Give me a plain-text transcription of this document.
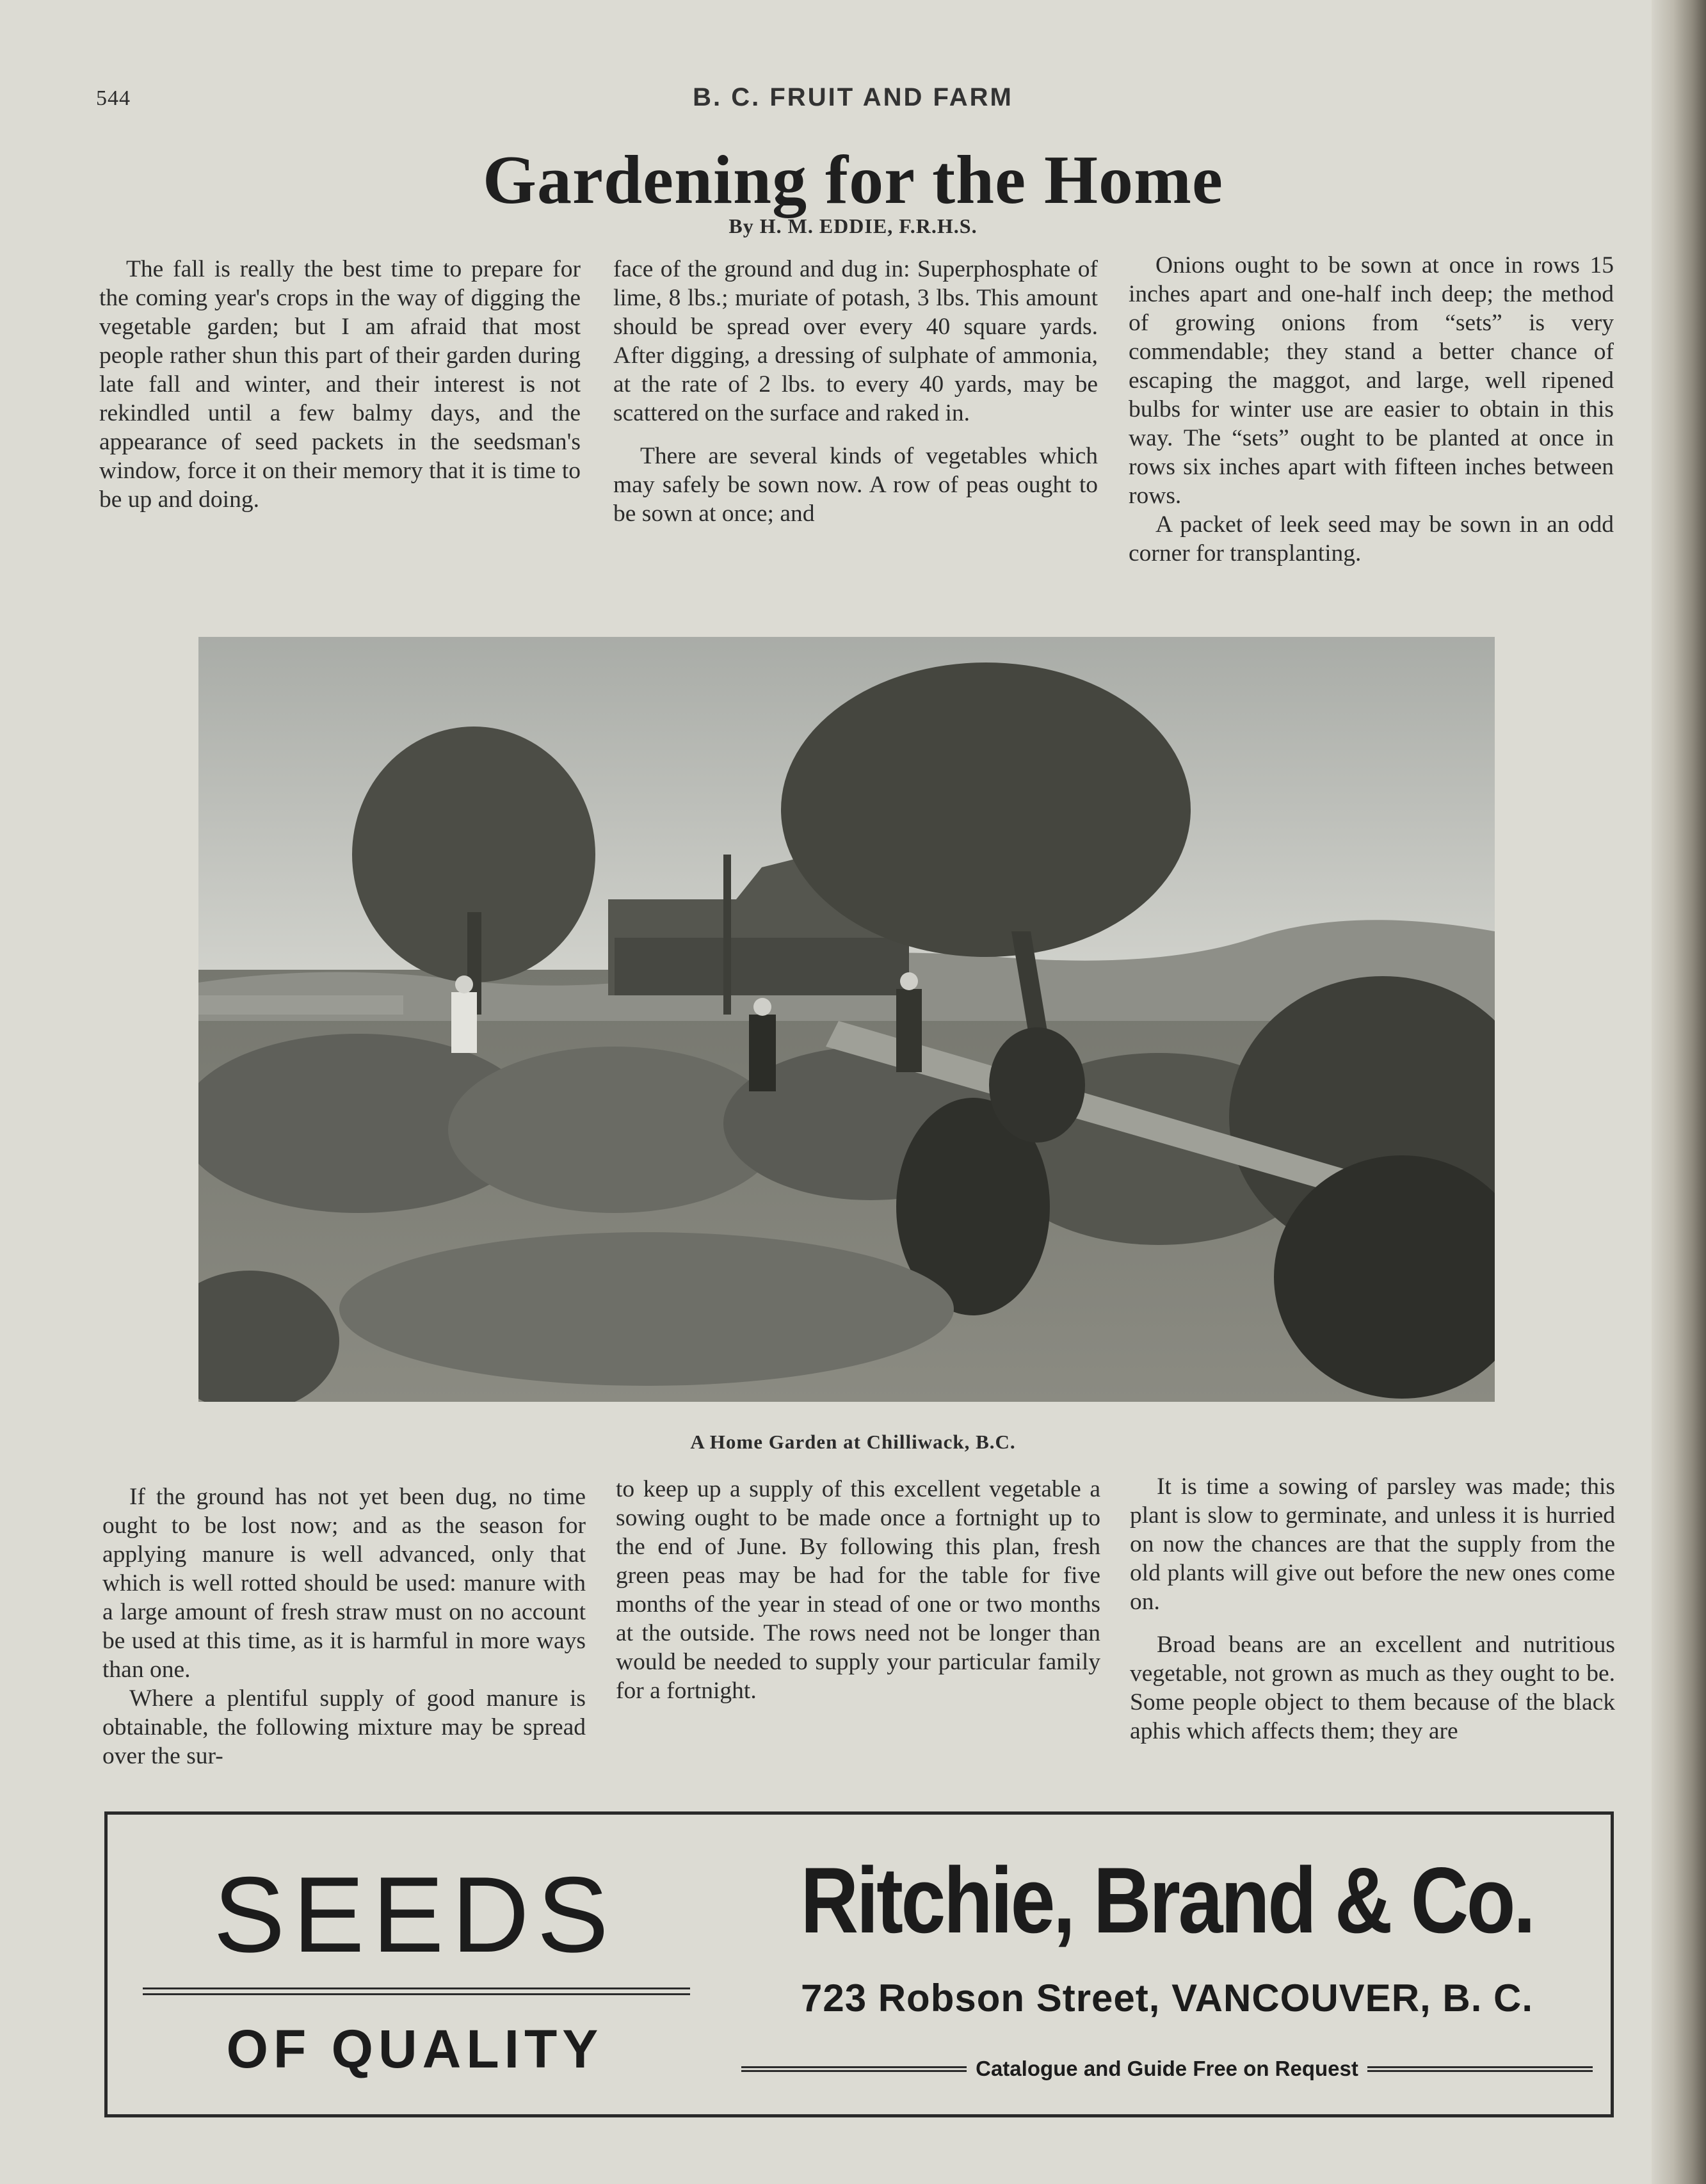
544	B. C. FRUIT AND FARM
Gardening for the Home
By H. M. EDDIE, F.R.H.S.

The fall is really the best time to prepare for the coming year's crops in the way of digging the vegetable garden; but I am afraid that most people rather shun this part of their garden during late fall and winter, and their interest is not rekindled until a few balmy days, and the appearance of seed packets in the seedsman's window, force it on their memory that it is time to be up and doing.

face of the ground and dug in: Superphosphate of lime, 8 lbs.; muriate of potash, 3 lbs. This amount should be spread over every 40 square yards. After digging, a dressing of sulphate of ammonia, at the rate of 2 lbs. to every 40 yards, may be scattered on the surface and raked in.

There are several kinds of vegetables which may safely be sown now. A row of peas ought to be sown at once; and

Onions ought to be sown at once in rows 15 inches apart and one-half inch deep; the method of growing onions from “sets” is very commendable; they stand a better chance of escaping the maggot, and large, well ripened bulbs for winter use are easier to obtain in this way. The “sets” ought to be planted at once in rows six inches apart with fifteen inches between rows.

A packet of leek seed may be sown in an odd corner for transplanting.

A Home Garden at Chilliwack, B.C.

If the ground has not yet been dug, no time ought to be lost now; and as the season for applying manure is well advanced, only that which is well rotted should be used: manure with a large amount of fresh straw must on no account be used at this time, as it is harmful in more ways than one.

Where a plentiful supply of good manure is obtainable, the following mixture may be spread over the sur-

to keep up a supply of this excellent vegetable a sowing ought to be made once a fortnight up to the end of June. By following this plan, fresh green peas may be had for the table for five months of the year in stead of one or two months at the outside. The rows need not be longer than would be needed to supply your particular family for a fortnight.

It is time a sowing of parsley was made; this plant is slow to germinate, and unless it is hurried on now the chances are that the supply from the old plants will give out before the new ones come on.

Broad beans are an excellent and nutritious vegetable, not grown as much as they ought to be. Some people object to them because of the black aphis which affects them; they are

SEEDS
OF QUALITY
Ritchie, Brand & Co.
723 Robson Street, VANCOUVER, B. C.
Catalogue and Guide Free on Request
